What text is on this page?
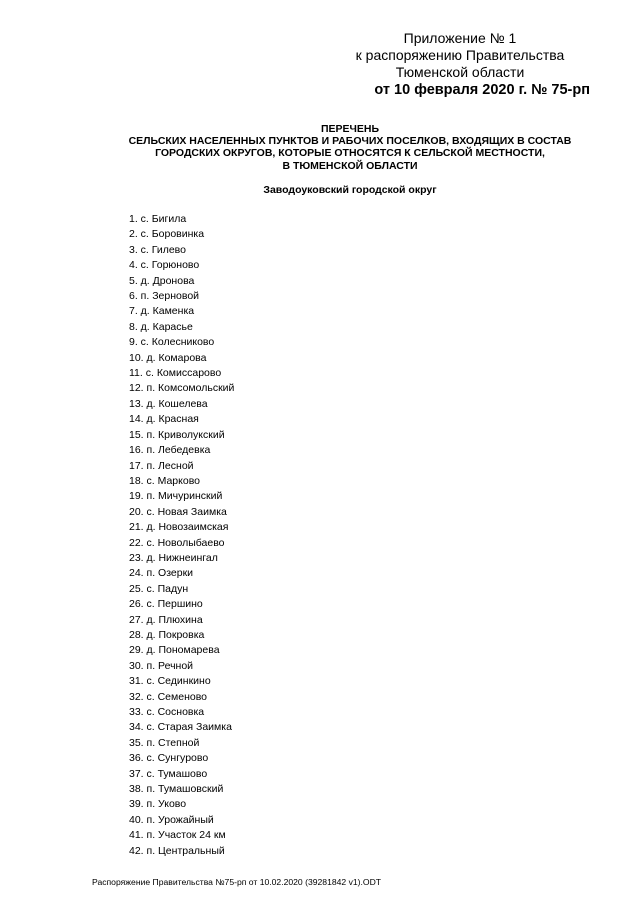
Приложение № 1
к распоряжению Правительства
Тюменской области
от 10 февраля 2020 г. № 75-рп
ПЕРЕЧЕНЬ
СЕЛЬСКИХ НАСЕЛЕННЫХ ПУНКТОВ И РАБОЧИХ ПОСЕЛКОВ, ВХОДЯЩИХ В СОСТАВ
ГОРОДСКИХ ОКРУГОВ, КОТОРЫЕ ОТНОСЯТСЯ К СЕЛЬСКОЙ МЕСТНОСТИ,
В ТЮМЕНСКОЙ ОБЛАСТИ
Заводоуковский городской округ
1. с. Бигила
2. с. Боровинка
3. с. Гилево
4. с. Горюново
5. д. Дронова
6. п. Зерновой
7. д. Каменка
8. д. Карасье
9. с. Колесниково
10. д. Комарова
11. с. Комиссарово
12. п. Комсомольский
13. д. Кошелева
14. д. Красная
15. п. Криволукский
16. п. Лебедевка
17. п. Лесной
18. с. Марково
19. п. Мичуринский
20. с. Новая Заимка
21. д. Новозаимская
22. с. Новолыбаево
23. д. Нижнеингал
24. п. Озерки
25. с. Падун
26. с. Першино
27. д. Плюхина
28. д. Покровка
29. д. Пономарева
30. п. Речной
31. с. Сединкино
32. с. Семеново
33. с. Сосновка
34. с. Старая Заимка
35. п. Степной
36. с. Сунгурово
37. с. Тумашово
38. п. Тумашовский
39. п. Уково
40. п. Урожайный
41. п. Участок 24 км
42. п. Центральный
Распоряжение Правительства №75-рп от 10.02.2020 (39281842 v1).ODT
